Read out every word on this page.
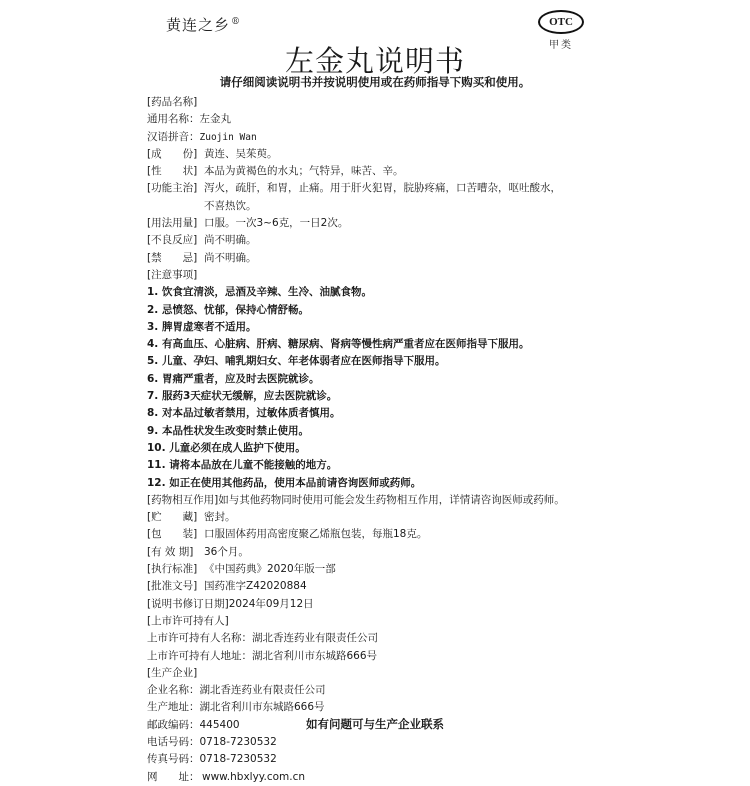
黄连之乡®	OTC
甲类
左金丸说明书
请仔细阅读说明书并按说明使用或在药师指导下购买和使用。
[药品名称]
通用名称：左金丸
汉语拼音：Zuojin Wan
[成　　份] 黄连、吴茱萸。
[性　　状] 本品为黄褐色的水丸；气特异，味苦、辛。
[功能主治] 泻火，疏肝，和胃，止痛。用于肝火犯胃，脘胁疼痛，口苦嘈杂，呕吐酸水，
不喜热饮。
[用法用量] 口服。一次3~6克，一日2次。
[不良反应] 尚不明确。
[禁　　忌] 尚不明确。
[注意事项]
1. 饮食宜清淡，忌酒及辛辣、生冷、油腻食物。
2. 忌愤怒、忧郁，保持心情舒畅。
3. 脾胃虚寒者不适用。
4. 有高血压、心脏病、肝病、糖尿病、肾病等慢性病严重者应在医师指导下服用。
5. 儿童、孕妇、哺乳期妇女、年老体弱者应在医师指导下服用。
6. 胃痛严重者，应及时去医院就诊。
7. 服药3天症状无缓解，应去医院就诊。
8. 对本品过敏者禁用，过敏体质者慎用。
9. 本品性状发生改变时禁止使用。
10. 儿童必须在成人监护下使用。
11. 请将本品放在儿童不能接触的地方。
12. 如正在使用其他药品，使用本品前请咨询医师或药师。
[药物相互作用]如与其他药物同时使用可能会发生药物相互作用，详情请咨询医师或药师。
[贮　　藏] 密封。
[包　　装] 口服固体药用高密度聚乙烯瓶包装，每瓶18克。
[有 效 期] 36个月。
[执行标准] 《中国药典》2020年版一部
[批准文号] 国药准字Z42020884
[说明书修订日期]2024年09月12日
[上市许可持有人]
上市许可持有人名称：湖北香连药业有限责任公司
上市许可持有人地址：湖北省利川市东城路666号
[生产企业]
企业名称：湖北香连药业有限责任公司
生产地址：湖北省利川市东城路666号
邮政编码：445400
电话号码：0718-7230532
传真号码：0718-7230532
网　　址： www.hbxlyy.com.cn
如有问题可与生产企业联系
